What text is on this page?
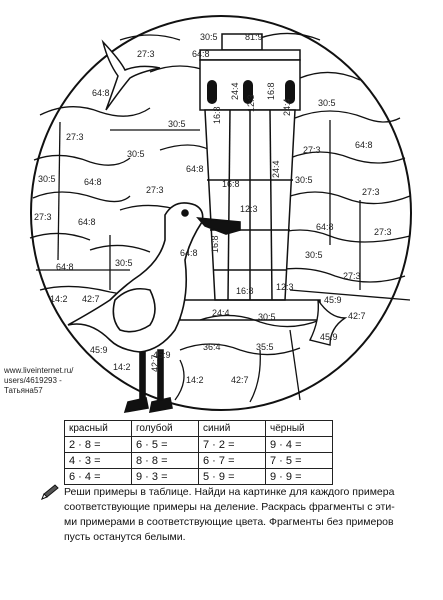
81:9
30:5
27:3	64:8
64:8
30:5
27:3
30:5
30:5
64:8
30:5	64:8
27:3
64:8
16:8
27:3
30:5
27:3
16:8
24:4
12:3
16:8
24:4
24:4
27:3	64:8
30:5
12:3
64:8	27:3
30:5
16:8
64:8
27:3
64:8
16:8 12:3
14:2 42:7
24:4	30:5
45:9
42:7
45:9	36:4	35:5
45:9
14:2 42:7
14:2	42:7
45:9
www.liveinternet.ru/
users/4619293 -
Татьяна57
красный	голубой	синий	чёрный
2 · 8 =	6 · 5 =	7 · 2 =	9 · 4 =
4 · 3 =	8 · 8 =	6 · 7 =	7 · 5 =
6 · 4 =	9 · 3 =	5 · 9 =	9 · 9 =
Реши примеры в таблице. Найди на картинке для каждого примера
соответствующие примеры на деление. Раскрась фрагменты с эти-
ми примерами в соответствующие цвета. Фрагменты без примеров
пусть останутся белыми.
